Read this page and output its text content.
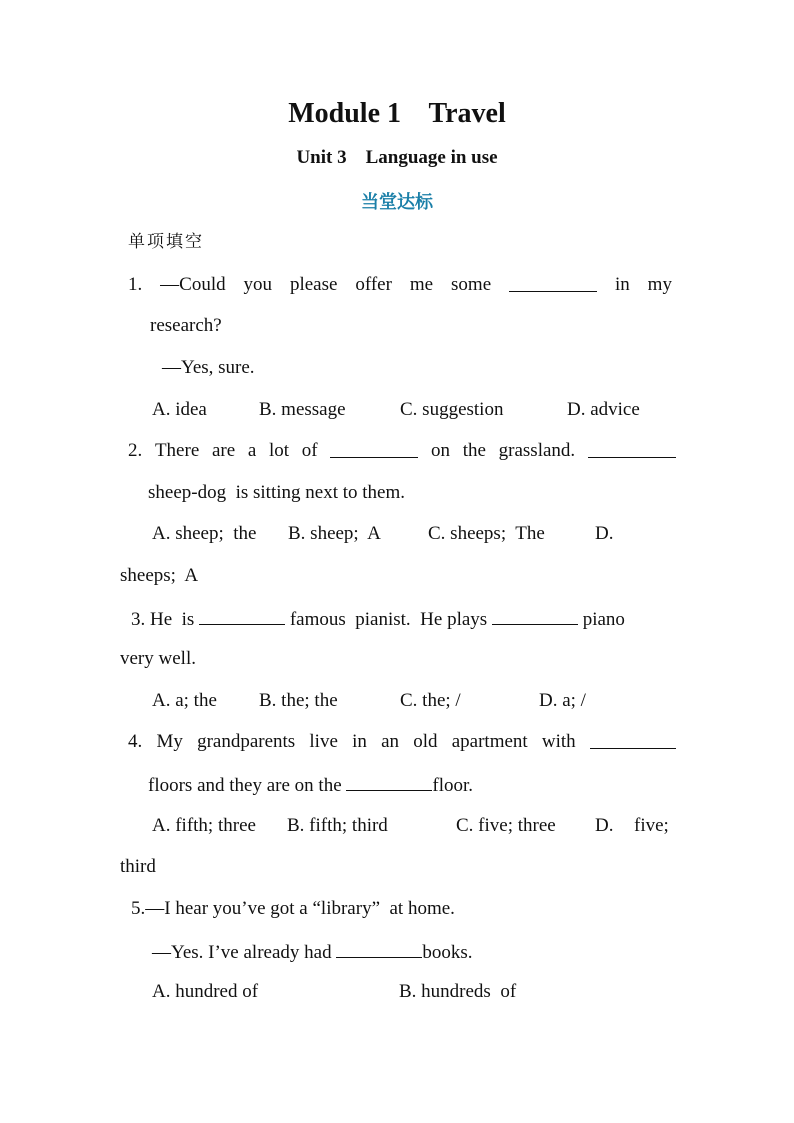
Module 1    Travel
Unit 3    Language in use
当堂达标
单项填空
1. —Could you please offer me some	in my
research?
—Yes, sure.
A. idea	B. message	C. suggestion	D. advice
2. There are a lot of	on the grassland.
sheep-dog  is sitting next to them.
A. sheep;  the B. sheep;  A C. sheeps;  The	D.
sheeps;  A
3. He  is	famous  pianist.  He plays	piano
very well.
A. a; the B. the; the	C. the; /	D. a; /
4. My grandparents live in an old apartment with
floors and they are on the	floor.
A. fifth; three B. fifth; third	C. five; three D. five;
third
5.—I hear you’ve got a “library”  at home.
—Yes. I’ve already had	books.
A. hundred of	B. hundreds  of
